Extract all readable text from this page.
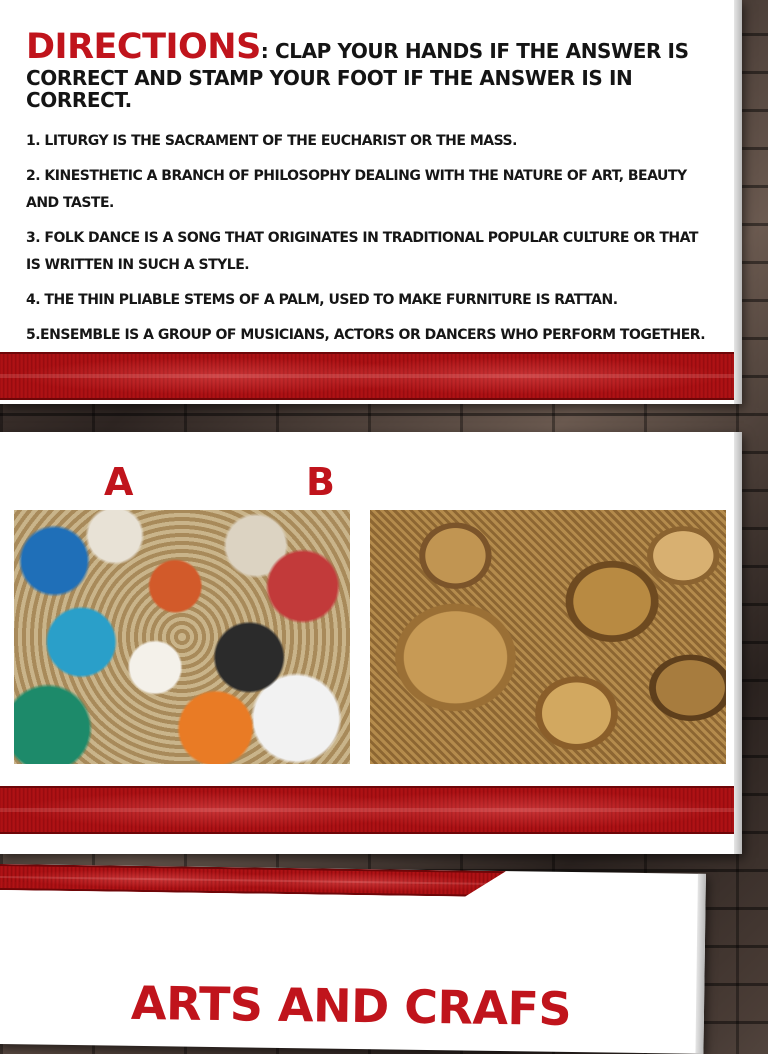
DIRECTIONS: CLAP YOUR HANDS IF THE ANSWER IS CORRECT AND STAMP YOUR FOOT IF THE ANSWER IS IN CORRECT.
1. LITURGY IS THE SACRAMENT OF THE EUCHARIST OR THE MASS.
2. KINESTHETIC A BRANCH OF PHILOSOPHY DEALING WITH THE NATURE OF ART, BEAUTY AND TASTE.
3. FOLK DANCE IS A SONG THAT ORIGINATES IN TRADITIONAL POPULAR CULTURE OR THAT IS WRITTEN IN SUCH A STYLE.
4. THE THIN PLIABLE STEMS OF A PALM, USED TO MAKE FURNITURE IS RATTAN.
5.ENSEMBLE IS A GROUP OF MUSICIANS, ACTORS OR DANCERS WHO PERFORM TOGETHER.
A	B
ARTS AND CRAFS
